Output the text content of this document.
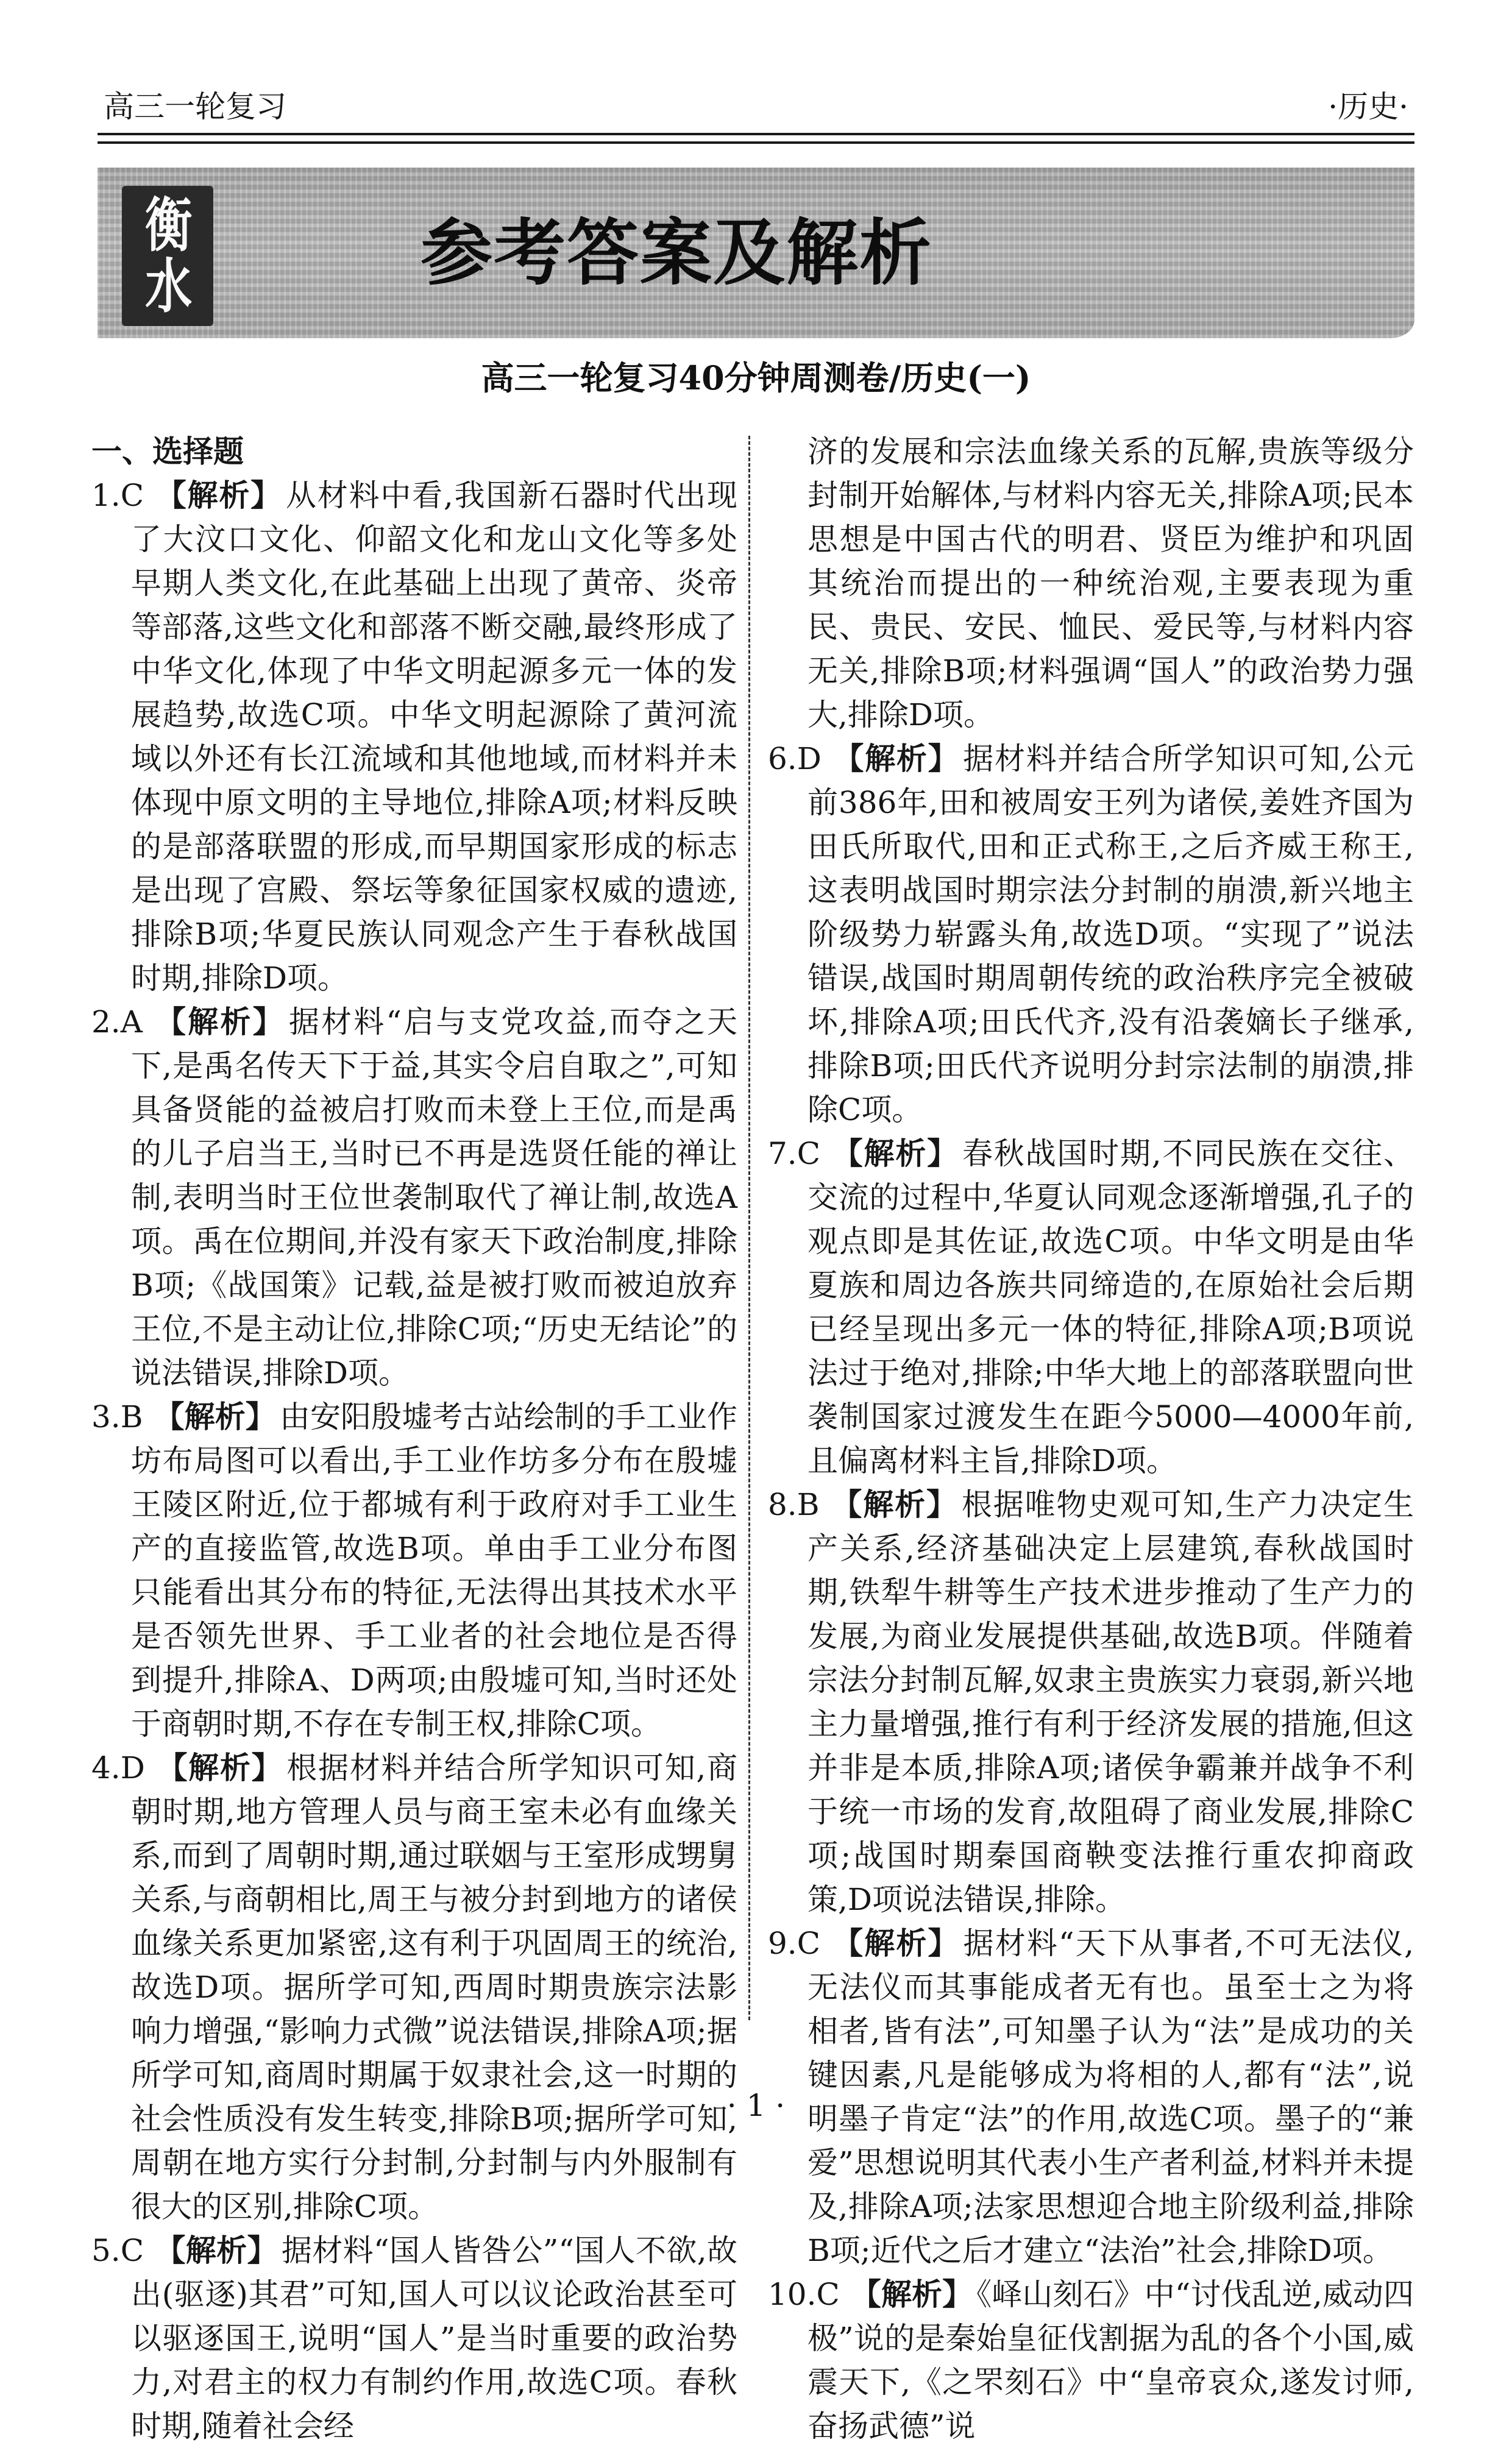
高三一轮复习	·历史·
衡
水	参考答案及解析
高三一轮复习40分钟周测卷/历史(一)

一、选择题

1.C 【解析】 从材料中看,我国新石器时代出现了大汶口文化、仰韶文化和龙山文化等多处早期人类文化,在此基础上出现了黄帝、炎帝等部落,这些文化和部落不断交融,最终形成了中华文化,体现了中华文明起源多元一体的发展趋势,故选C项。中华文明起源除了黄河流域以外还有长江流域和其他地域,而材料并未体现中原文明的主导地位,排除A项;材料反映的是部落联盟的形成,而早期国家形成的标志是出现了宫殿、祭坛等象征国家权威的遗迹,排除B项;华夏民族认同观念产生于春秋战国时期,排除D项。

2.A 【解析】 据材料“启与支党攻益,而夺之天下,是禹名传天下于益,其实令启自取之”,可知具备贤能的益被启打败而未登上王位,而是禹的儿子启当王,当时已不再是选贤任能的禅让制,表明当时王位世袭制取代了禅让制,故选A项。禹在位期间,并没有家天下政治制度,排除B项;《战国策》记载,益是被打败而被迫放弃王位,不是主动让位,排除C项;“历史无结论”的说法错误,排除D项。

3.B 【解析】 由安阳殷墟考古站绘制的手工业作坊布局图可以看出,手工业作坊多分布在殷墟王陵区附近,位于都城有利于政府对手工业生产的直接监管,故选B项。单由手工业分布图只能看出其分布的特征,无法得出其技术水平是否领先世界、手工业者的社会地位是否得到提升,排除A、D两项;由殷墟可知,当时还处于商朝时期,不存在专制王权,排除C项。

4.D 【解析】 根据材料并结合所学知识可知,商朝时期,地方管理人员与商王室未必有血缘关系,而到了周朝时期,通过联姻与王室形成甥舅关系,与商朝相比,周王与被分封到地方的诸侯血缘关系更加紧密,这有利于巩固周王的统治,故选D项。据所学可知,西周时期贵族宗法影响力增强,“影响力式微”说法错误,排除A项;据所学可知,商周时期属于奴隶社会,这一时期的社会性质没有发生转变,排除B项;据所学可知,周朝在地方实行分封制,分封制与内外服制有很大的区别,排除C项。

5.C 【解析】 据材料“国人皆咎公”“国人不欲,故出(驱逐)其君”可知,国人可以议论政治甚至可以驱逐国王,说明“国人”是当时重要的政治势力,对君主的权力有制约作用,故选C项。春秋时期,随着社会经

济的发展和宗法血缘关系的瓦解,贵族等级分封制开始解体,与材料内容无关,排除A项;民本思想是中国古代的明君、贤臣为维护和巩固其统治而提出的一种统治观,主要表现为重民、贵民、安民、恤民、爱民等,与材料内容无关,排除B项;材料强调“国人”的政治势力强大,排除D项。

6.D 【解析】 据材料并结合所学知识可知,公元前386年,田和被周安王列为诸侯,姜姓齐国为田氏所取代,田和正式称王,之后齐威王称王,这表明战国时期宗法分封制的崩溃,新兴地主阶级势力崭露头角,故选D项。“实现了”说法错误,战国时期周朝传统的政治秩序完全被破坏,排除A项;田氏代齐,没有沿袭嫡长子继承,排除B项;田氏代齐说明分封宗法制的崩溃,排除C项。

7.C 【解析】 春秋战国时期,不同民族在交往、交流的过程中,华夏认同观念逐渐增强,孔子的观点即是其佐证,故选C项。中华文明是由华夏族和周边各族共同缔造的,在原始社会后期已经呈现出多元一体的特征,排除A项;B项说法过于绝对,排除;中华大地上的部落联盟向世袭制国家过渡发生在距今5000—4000年前,且偏离材料主旨,排除D项。

8.B 【解析】 根据唯物史观可知,生产力决定生产关系,经济基础决定上层建筑,春秋战国时期,铁犁牛耕等生产技术进步推动了生产力的发展,为商业发展提供基础,故选B项。伴随着宗法分封制瓦解,奴隶主贵族实力衰弱,新兴地主力量增强,推行有利于经济发展的措施,但这并非是本质,排除A项;诸侯争霸兼并战争不利于统一市场的发育,故阻碍了商业发展,排除C项;战国时期秦国商鞅变法推行重农抑商政策,D项说法错误,排除。

9.C 【解析】 据材料“天下从事者,不可无法仪,无法仪而其事能成者无有也。虽至士之为将相者,皆有法”,可知墨子认为“法”是成功的关键因素,凡是能够成为将相的人,都有“法”,说明墨子肯定“法”的作用,故选C项。墨子的“兼爱”思想说明其代表小生产者利益,材料并未提及,排除A项;法家思想迎合地主阶级利益,排除B项;近代之后才建立“法治”社会,排除D项。

10.C 【解析】 《峄山刻石》中“讨伐乱逆,威动四极”说的是秦始皇征伐割据为乱的各个小国,威震天下,《之罘刻石》中“皇帝哀众,遂发讨师,奋扬武德”说

· 1 ·
